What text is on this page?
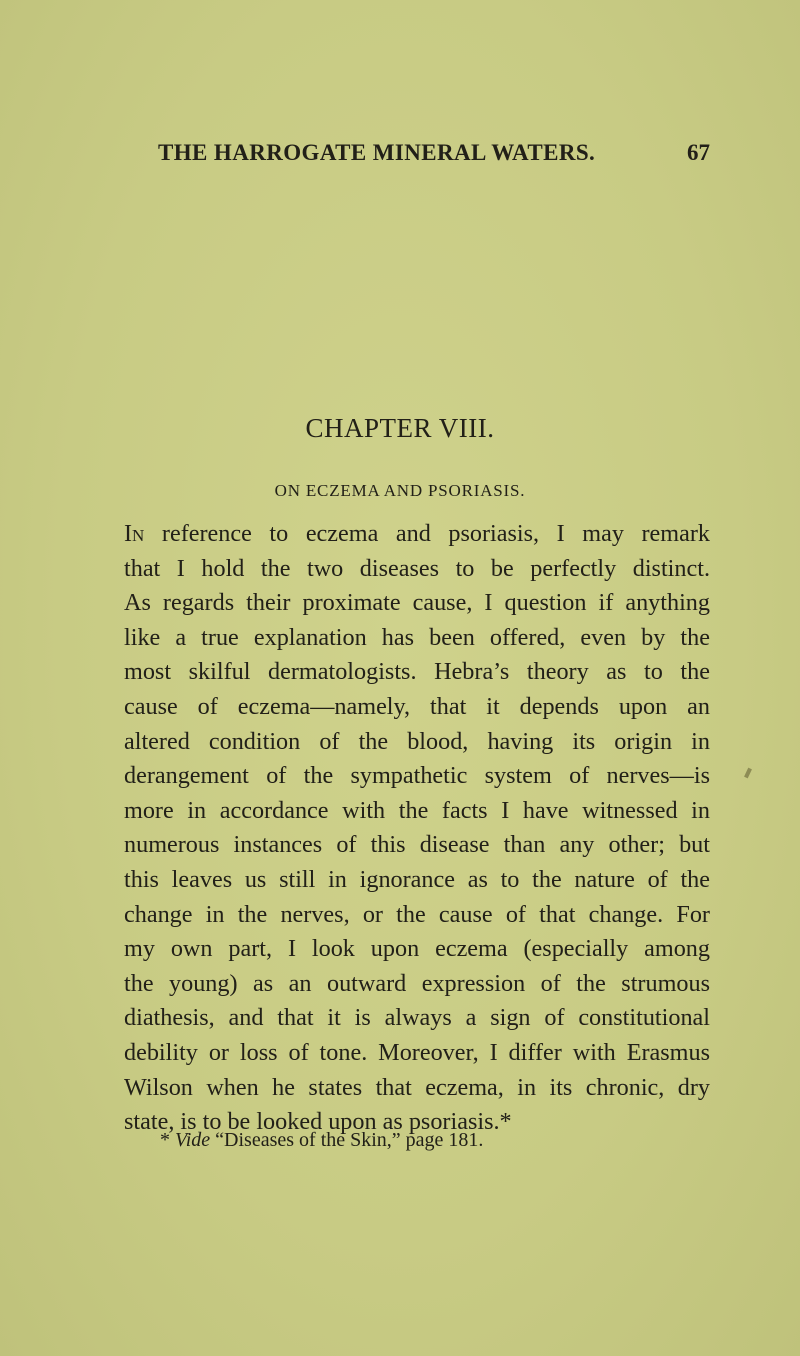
THE HARROGATE MINERAL WATERS.	67
CHAPTER VIII.
ON ECZEMA AND PSORIASIS.
In reference to eczema and psoriasis, I may remark
that I hold the two diseases to be perfectly distinct.
As regards their proximate cause, I question if anything
like a true explanation has been offered, even by the
most skilful dermatologists. Hebra’s theory as to the
cause of eczema—namely, that it depends upon an
altered condition of the blood, having its origin in
derangement of the sympathetic system of nerves—is
more in accordance with the facts I have witnessed in
numerous instances of this disease than any other; but
this leaves us still in ignorance as to the nature of the
change in the nerves, or the cause of that change. For
my own part, I look upon eczema (especially among
the young) as an outward expression of the strumous
diathesis, and that it is always a sign of constitutional
debility or loss of tone. Moreover, I differ with Erasmus
Wilson when he states that eczema, in its chronic, dry
state, is to be looked upon as psoriasis.*
* Vide “Diseases of the Skin,” page 181.
